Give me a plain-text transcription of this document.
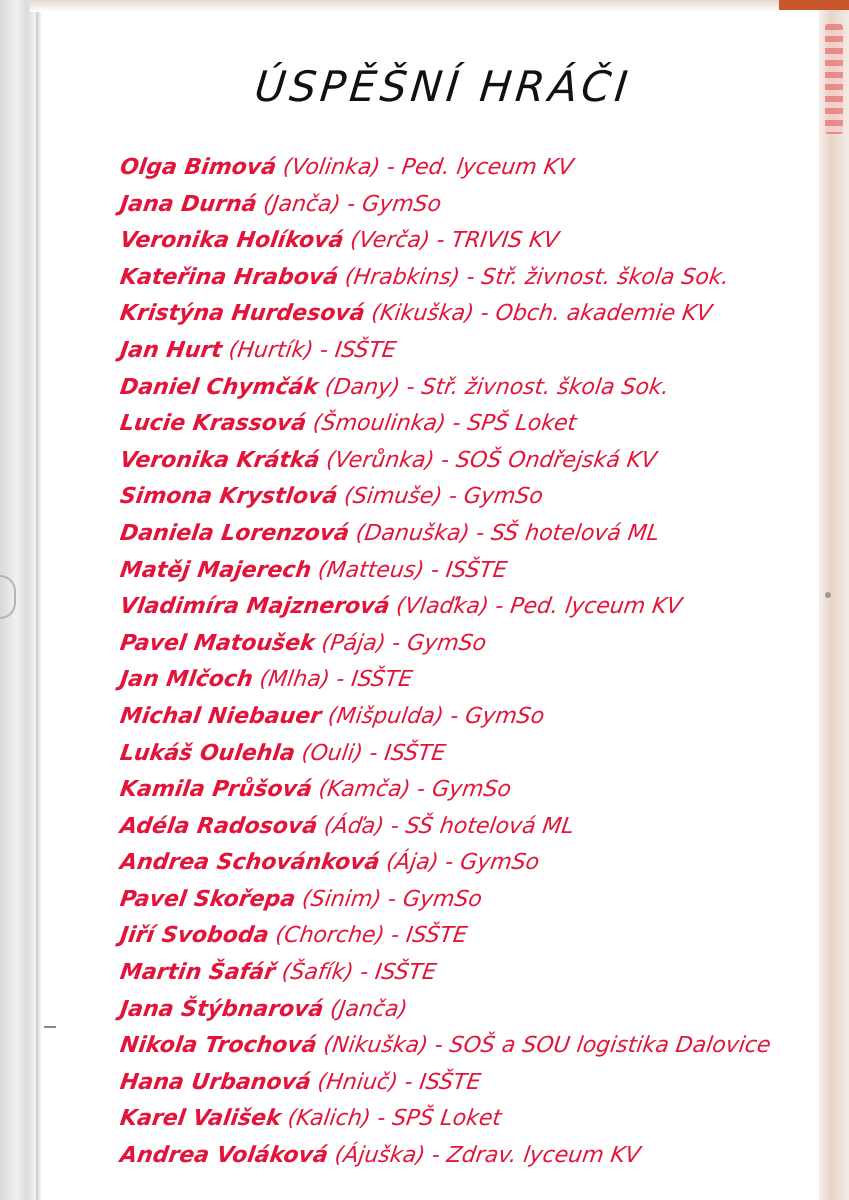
ÚSPĚŠNÍ HRÁČI
Olga Bimová (Volinka) - Ped. lyceum KV
Jana Durná (Janča) - GymSo
Veronika Holíková (Verča) - TRIVIS KV
Kateřina Hrabová (Hrabkins) - Stř. živnost. škola Sok.
Kristýna Hurdesová (Kikuška) - Obch. akademie KV
Jan Hurt (Hurtík) - ISŠTE
Daniel Chymčák (Dany) - Stř. živnost. škola Sok.
Lucie Krassová (Šmoulinka) - SPŠ Loket
Veronika Krátká (Verůnka) - SOŠ Ondřejská KV
Simona Krystlová (Simuše) - GymSo
Daniela Lorenzová (Danuška) - SŠ hotelová ML
Matěj Majerech (Matteus) - ISŠTE
Vladimíra Majznerová (Vlaďka) - Ped. lyceum KV
Pavel Matoušek (Pája) - GymSo
Jan Mlčoch (Mlha) - ISŠTE
Michal Niebauer (Mišpulda) - GymSo
Lukáš Oulehla (Ouli) - ISŠTE
Kamila Průšová (Kamča) - GymSo
Adéla Radosová (Áďa) - SŠ hotelová ML
Andrea Schovánková (Ája) - GymSo
Pavel Skořepa (Sinim) - GymSo
Jiří Svoboda (Chorche) - ISŠTE
Martin Šafář (Šafík) - ISŠTE
Jana Štýbnarová (Janča)
Nikola Trochová (Nikuška) - SOŠ a SOU logistika Dalovice
Hana Urbanová (Hniuč) - ISŠTE
Karel Vališek (Kalich) - SPŠ Loket
Andrea Voláková (Ájuška) - Zdrav. lyceum KV
